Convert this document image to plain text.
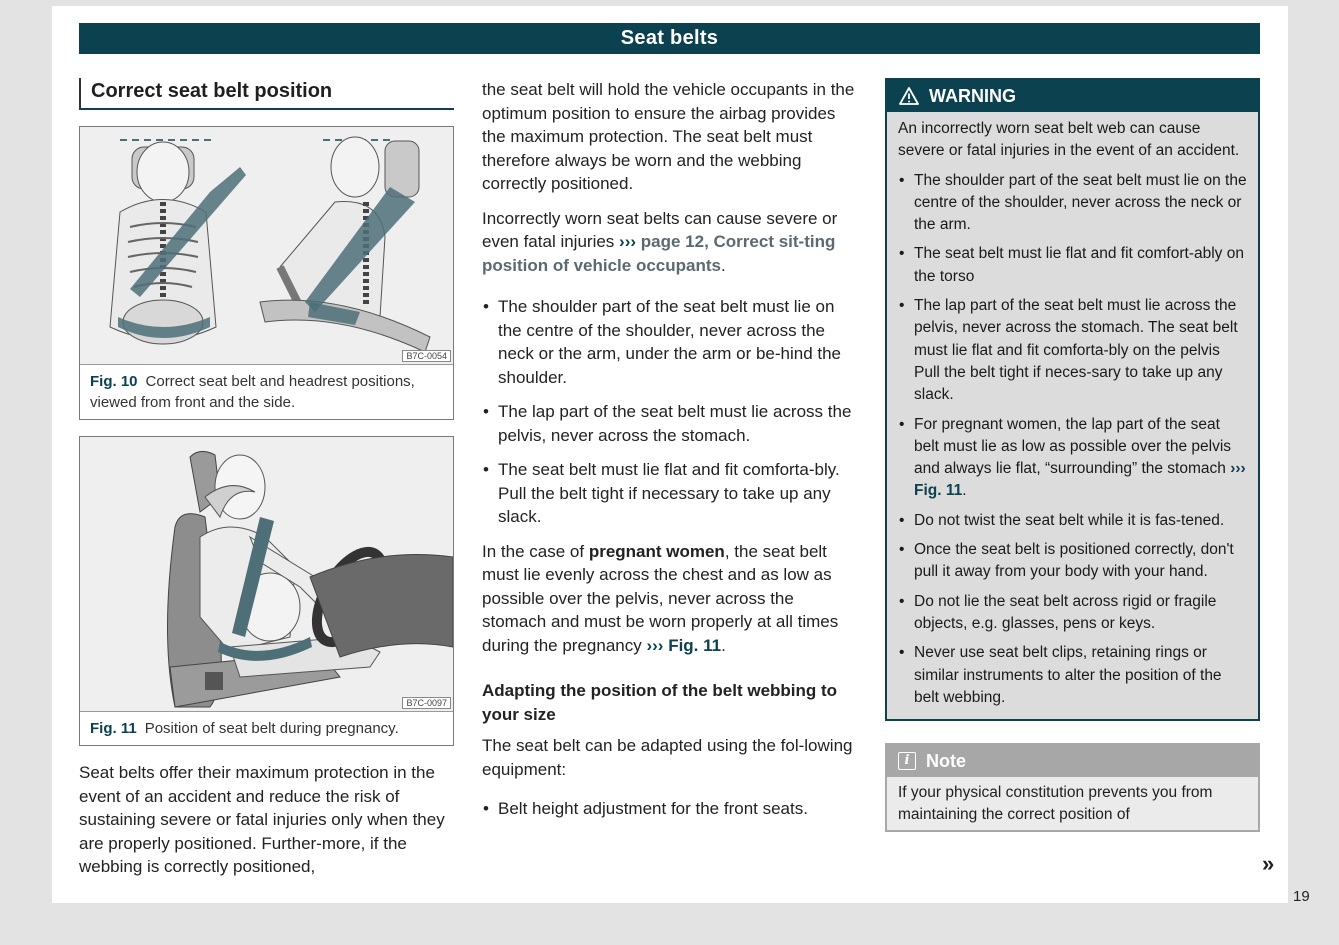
Seat belts
Correct seat belt position
B7C-0054
Fig. 10 Correct seat belt and headrest positions, viewed from front and the side.
B7C-0097
Fig. 11 Position of seat belt during pregnancy.
Seat belts offer their maximum protection in the event of an accident and reduce the risk of sustaining severe or fatal injuries only when they are properly positioned. Further-more, if the webbing is correctly positioned,

the seat belt will hold the vehicle occupants in the optimum position to ensure the airbag provides the maximum protection. The seat belt must therefore always be worn and the webbing correctly positioned.

Incorrectly worn seat belts can cause severe or even fatal injuries ››› page 12, Correct sit-ting position of vehicle occupants.

• The shoulder part of the seat belt must lie on the centre of the shoulder, never across the neck or the arm, under the arm or be-hind the shoulder.

• The lap part of the seat belt must lie across the pelvis, never across the stomach.

• The seat belt must lie flat and fit comforta-bly. Pull the belt tight if necessary to take up any slack.

In the case of pregnant women, the seat belt must lie evenly across the chest and as low as possible over the pelvis, never across the stomach and must be worn properly at all times during the pregnancy ››› Fig. 11.

Adapting the position of the belt webbing to your size

The seat belt can be adapted using the fol-lowing equipment:

• Belt height adjustment for the front seats.

WARNING

An incorrectly worn seat belt web can cause severe or fatal injuries in the event of an accident.

• The shoulder part of the seat belt must lie on the centre of the shoulder, never across the neck or the arm.

• The seat belt must lie flat and fit comfort-ably on the torso

• The lap part of the seat belt must lie across the pelvis, never across the stomach. The seat belt must lie flat and fit comforta-bly on the pelvis Pull the belt tight if neces-sary to take up any slack.

• For pregnant women, the lap part of the seat belt must lie as low as possible over the pelvis and always lie flat, “surrounding” the stomach ››› Fig. 11.

• Do not twist the seat belt while it is fas-tened.

• Once the seat belt is positioned correctly, don't pull it away from your body with your hand.

• Do not lie the seat belt across rigid or fragile objects, e.g. glasses, pens or keys.

• Never use seat belt clips, retaining rings or similar instruments to alter the position of the belt webbing.

i Note
If your physical constitution prevents you from maintaining the correct position of
»
19
